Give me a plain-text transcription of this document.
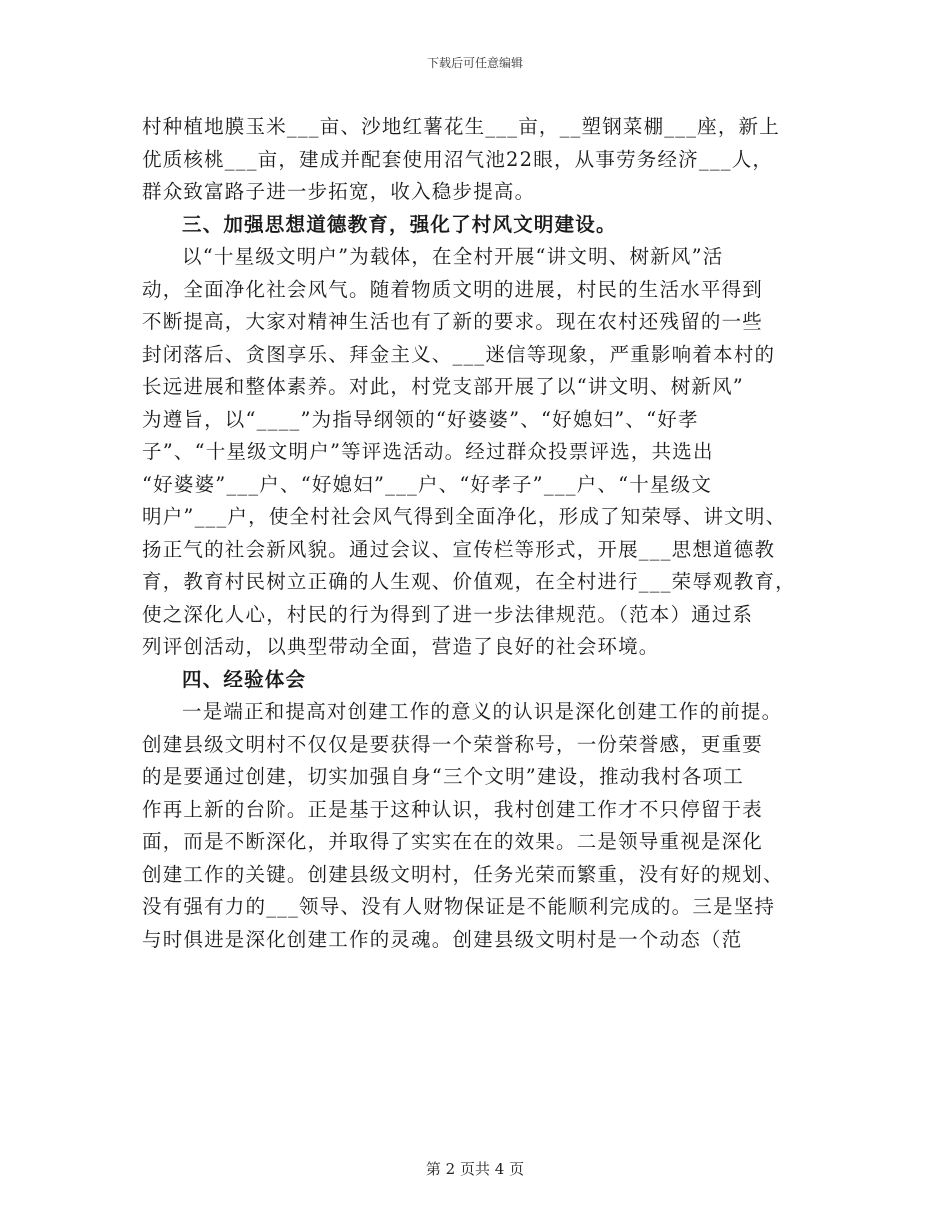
下载后可任意编辑
村种植地膜玉米___亩、沙地红薯花生___亩，__塑钢菜棚___座，新上
优质核桃___亩，建成并配套使用沼气池22眼，从事劳务经济___人，
群众致富路子进一步拓宽，收入稳步提高。
三、加强思想道德教育，强化了村风文明建设。
以“十星级文明户”为载体，在全村开展“讲文明、树新风”活
动，全面净化社会风气。随着物质文明的进展，村民的生活水平得到
不断提高，大家对精神生活也有了新的要求。现在农村还残留的一些
封闭落后、贪图享乐、拜金主义、___迷信等现象，严重影响着本村的
长远进展和整体素养。对此，村党支部开展了以“讲文明、树新风”
为遵旨，以“____”为指导纲领的“好婆婆”、“好媳妇”、“好孝
子”、“十星级文明户”等评选活动。经过群众投票评选，共选出
“好婆婆”___户、“好媳妇”___户、“好孝子”___户、“十星级文
明户”___户，使全村社会风气得到全面净化，形成了知荣辱、讲文明、
扬正气的社会新风貌。通过会议、宣传栏等形式，开展___思想道德教
育，教育村民树立正确的人生观、价值观，在全村进行___荣辱观教育，
使之深化人心，村民的行为得到了进一步法律规范。（范本）通过系
列评创活动，以典型带动全面，营造了良好的社会环境。
四、经验体会
一是端正和提高对创建工作的意义的认识是深化创建工作的前提。
创建县级文明村不仅仅是要获得一个荣誉称号，一份荣誉感，更重要
的是要通过创建，切实加强自身“三个文明”建设，推动我村各项工
作再上新的台阶。正是基于这种认识，我村创建工作才不只停留于表
面，而是不断深化，并取得了实实在在的效果。二是领导重视是深化
创建工作的关键。创建县级文明村，任务光荣而繁重，没有好的规划、
没有强有力的___领导、没有人财物保证是不能顺利完成的。三是坚持
与时俱进是深化创建工作的灵魂。创建县级文明村是一个动态（范
第 2 页共 4 页
